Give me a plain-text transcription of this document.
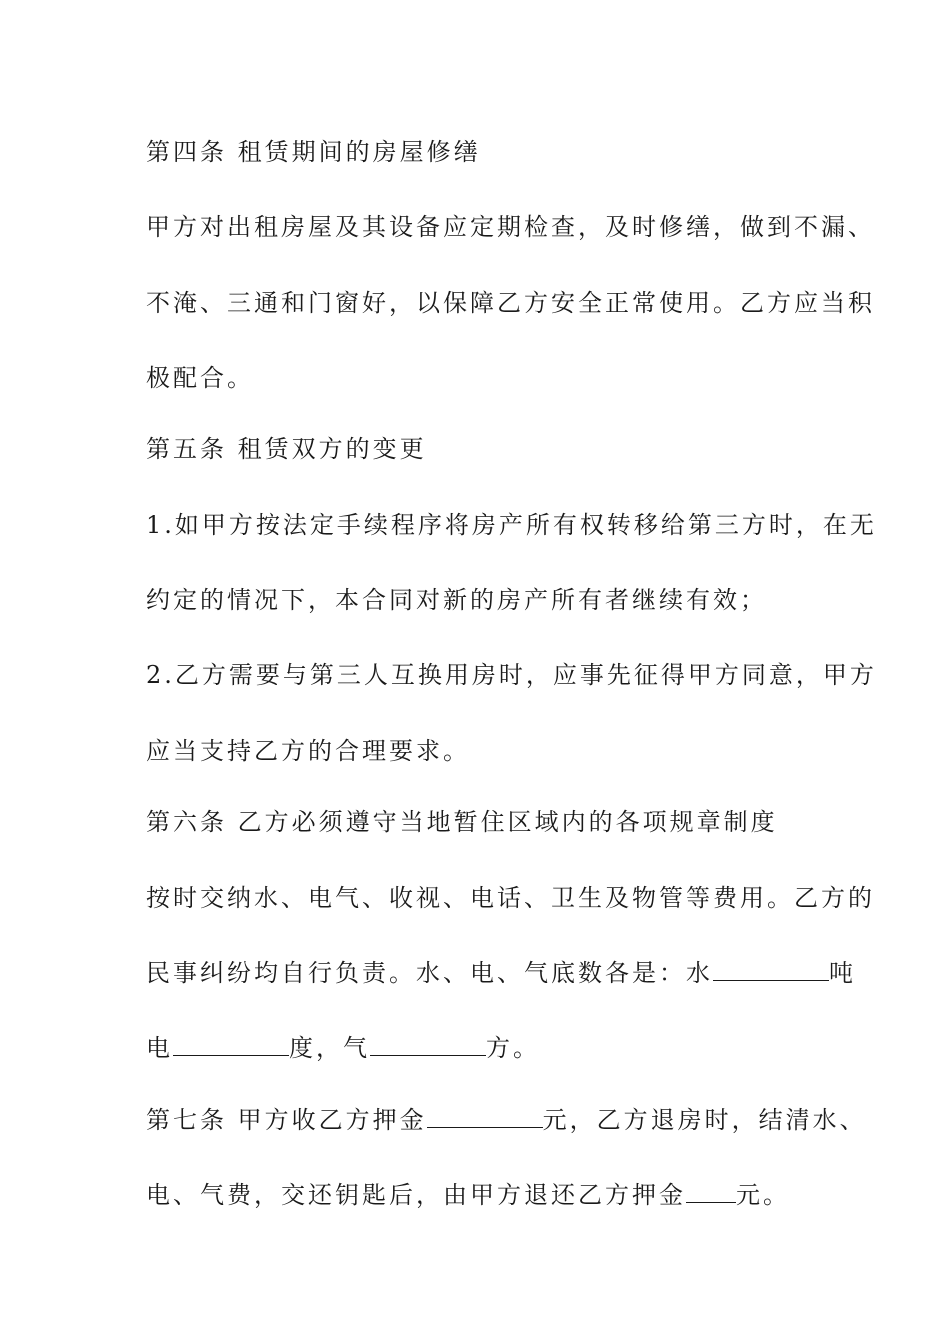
第四条 租赁期间的房屋修缮
甲方对出租房屋及其设备应定期检查，及时修缮，做到不漏、
不淹、三通和门窗好，以保障乙方安全正常使用。乙方应当积
极配合。
第五条 租赁双方的变更
1.如甲方按法定手续程序将房产所有权转移给第三方时，在无
约定的情况下，本合同对新的房产所有者继续有效；
2.乙方需要与第三人互换用房时，应事先征得甲方同意，甲方
应当支持乙方的合理要求。
第六条 乙方必须遵守当地暂住区域内的各项规章制度
按时交纳水、电气、收视、电话、卫生及物管等费用。乙方的
民事纠纷均自行负责。水、电、气底数各是：水	吨
电	度，气	方。
第七条 甲方收乙方押金	元，乙方退房时，结清水、
电、气费，交还钥匙后，由甲方退还乙方押金 元。
